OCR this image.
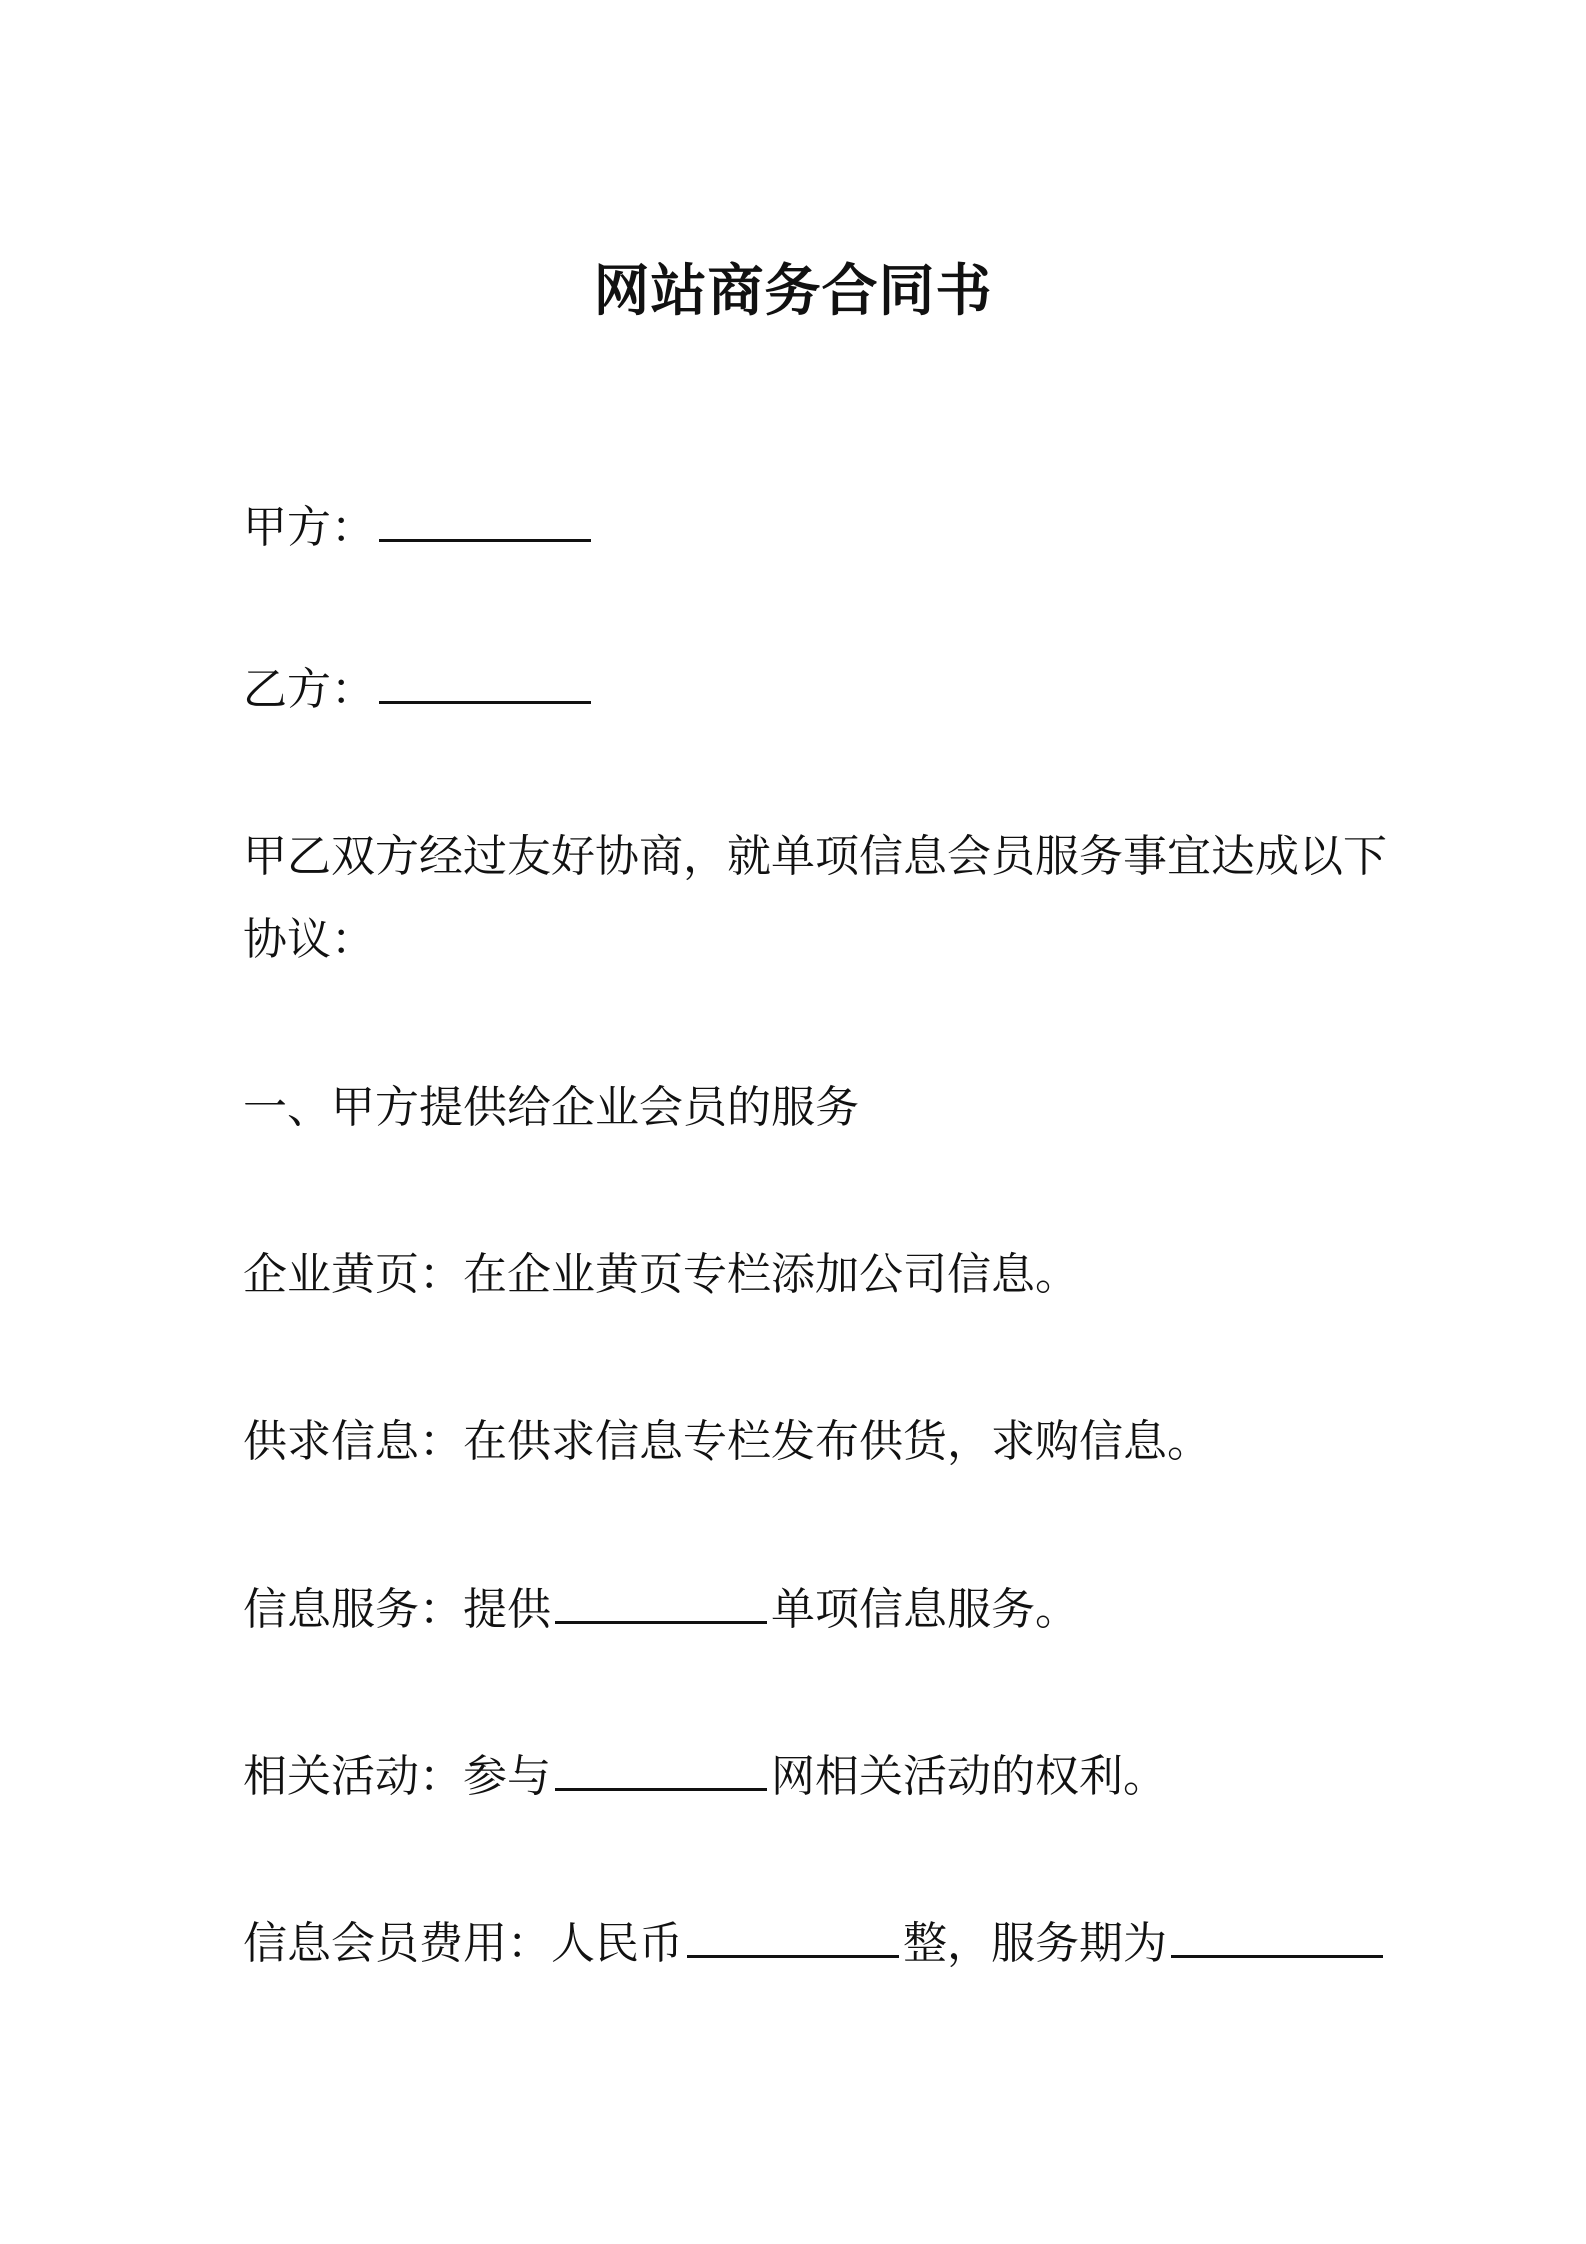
网站商务合同书
甲方：
乙方：
甲乙双方经过友好协商，就单项信息会员服务事宜达成以下
协议：
一、甲方提供给企业会员的服务
企业黄页：在企业黄页专栏添加公司信息。
供求信息：在供求信息专栏发布供货，求购信息。
信息服务：提供	单项信息服务。
相关活动：参与	网相关活动的权利。
信息会员费用：人民币	整，服务期为
